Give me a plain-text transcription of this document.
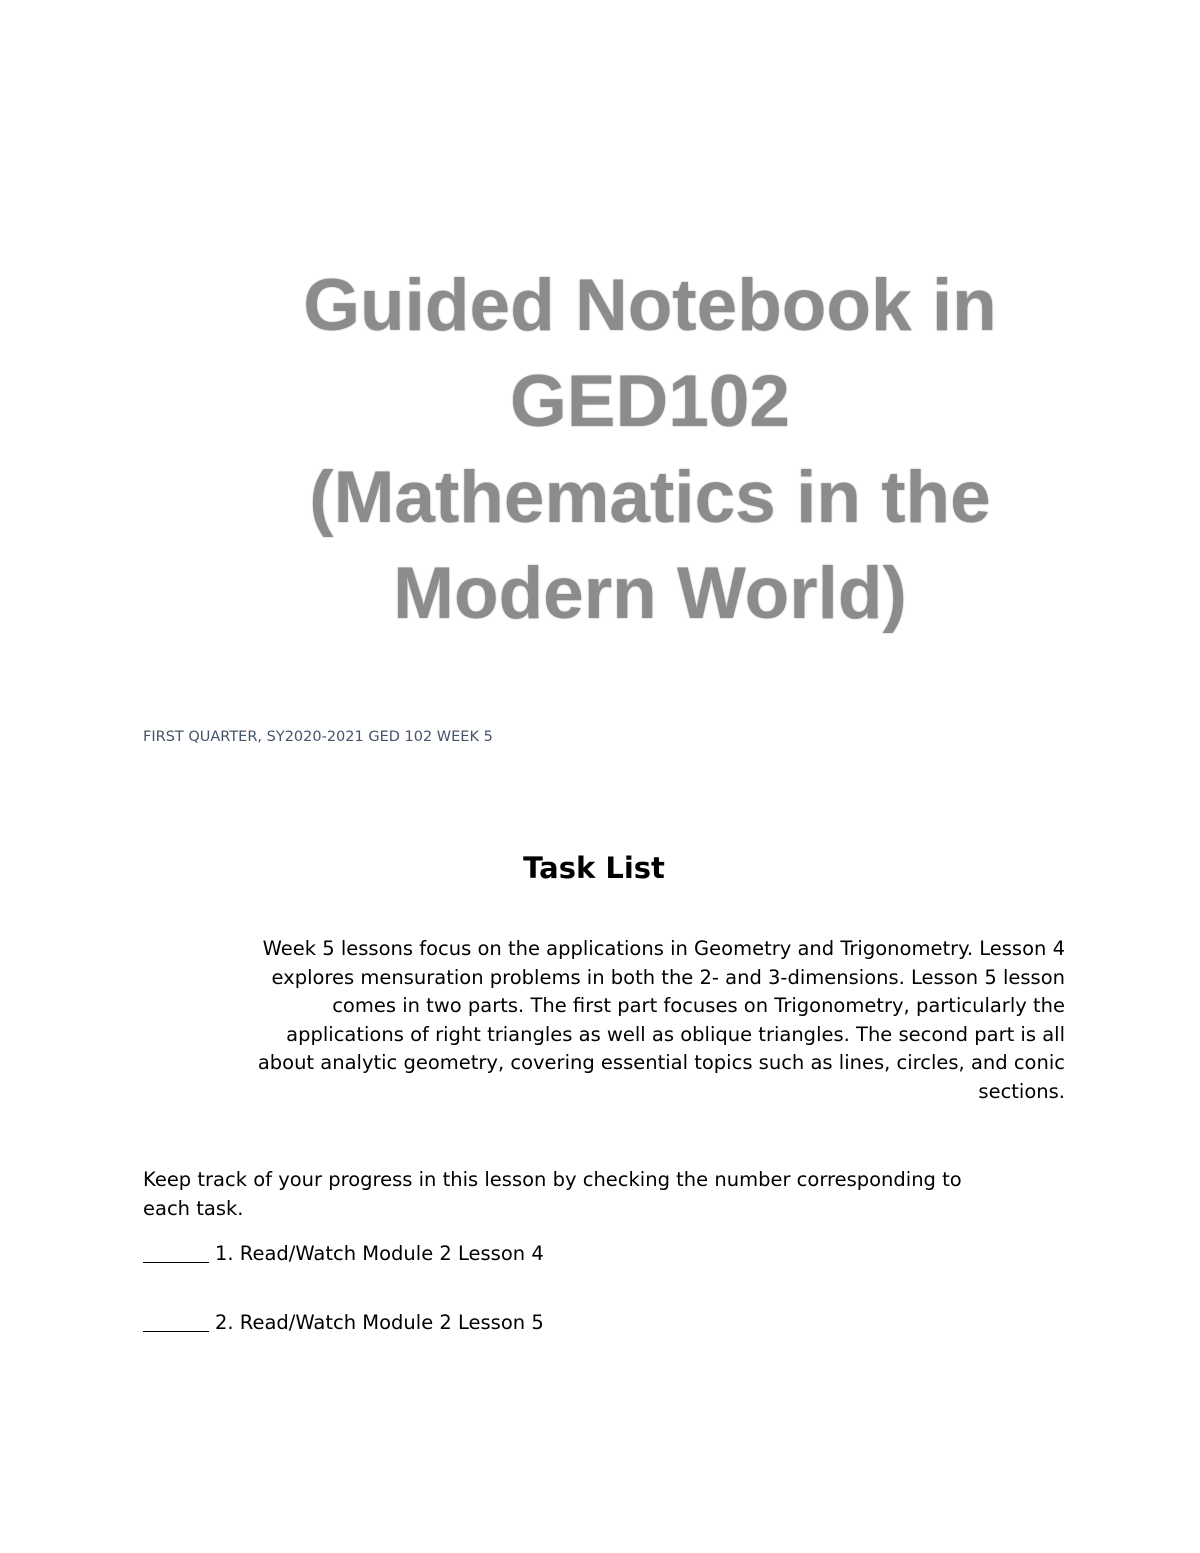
Guided Notebook in
GED102
(Mathematics in the
Modern World)
FIRST QUARTER, SY2020-2021 GED 102 WEEK 5
Task List
Week 5 lessons focus on the applications in Geometry and Trigonometry. Lesson 4
explores mensuration problems in both the 2- and 3-dimensions. Lesson 5 lesson
comes in two parts. The first part focuses on Trigonometry, particularly the
applications of right triangles as well as oblique triangles. The second part is all
about analytic geometry, covering essential topics such as lines, circles, and conic
sections.
Keep track of your progress in this lesson by checking the number corresponding to
each task.
1. Read/Watch Module 2 Lesson 4
2. Read/Watch Module 2 Lesson 5
